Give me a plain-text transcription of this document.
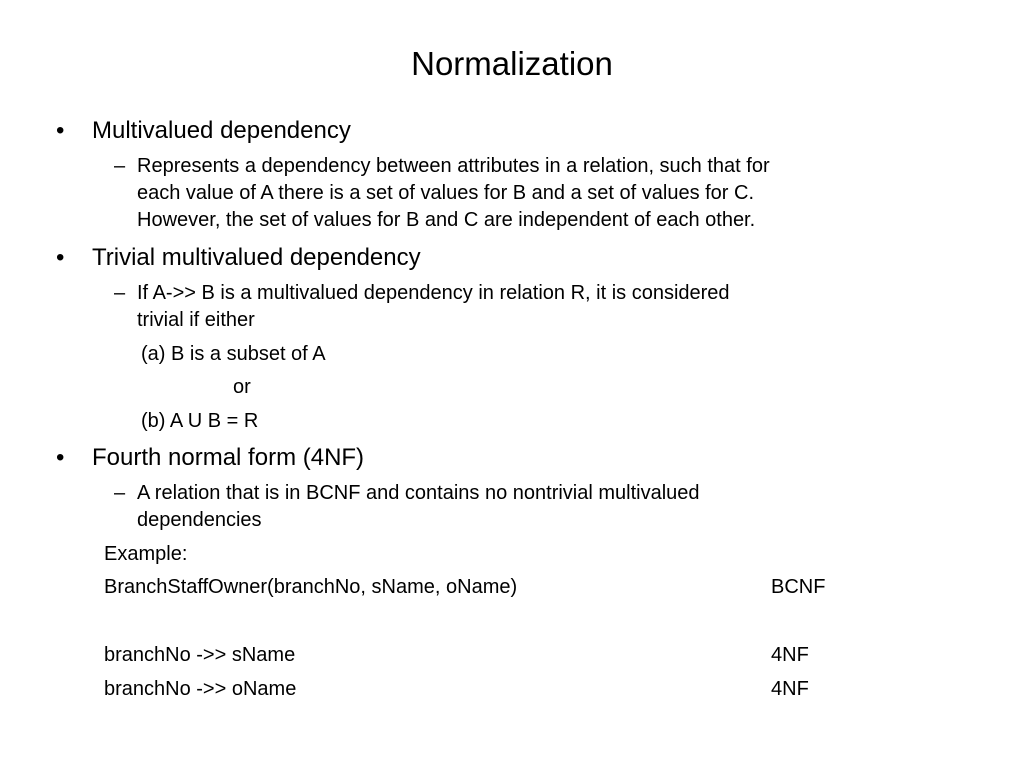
Normalization
• Multivalued dependency
– Represents a dependency between attributes in a relation, such that for
each value of A there is a set of values for B and a set of values for C.
However, the set of values for B and C are independent of each other.
• Trivial multivalued dependency
– If A->> B is a multivalued dependency in relation R, it is considered
trivial if either
(a) B is a subset of A
or
(b) A U B = R
• Fourth normal form (4NF)
– A relation that is in BCNF and contains no nontrivial multivalued
dependencies
Example:
BranchStaffOwner(branchNo, sName, oName)	BCNF
branchNo ->> sName	4NF
branchNo ->> oName	4NF
